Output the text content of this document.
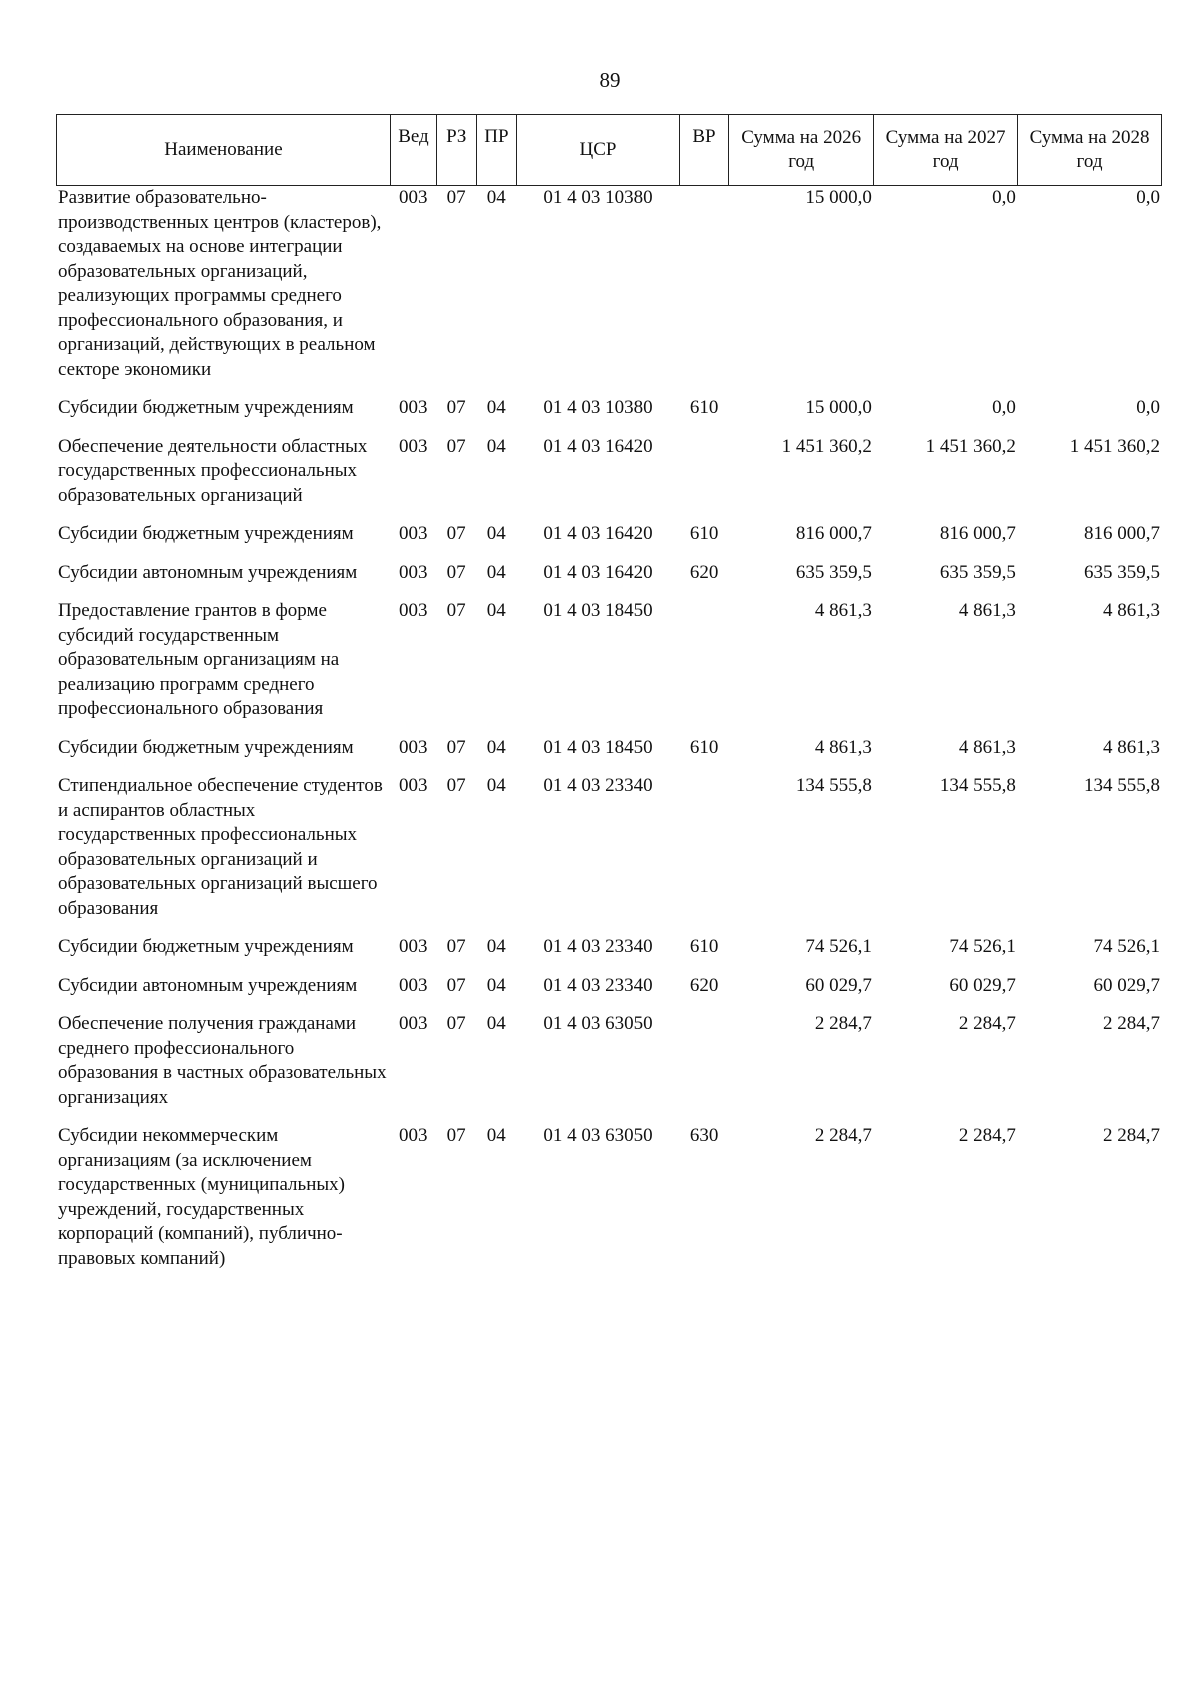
89
Наименование	Вед	РЗ	ПР	ЦСР	ВР	Сумма на 2026 год	Сумма на 2027 год	Сумма на 2028 год
Развитие образовательно-производственных центров (кластеров), создаваемых на основе интеграции образовательных организаций, реализующих программы среднего профессионального образования, и организаций, действующих в реальном секторе экономики	003	07	04	01 4 03 10380		15 000,0	0,0	0,0
Субсидии бюджетным учреждениям	003	07	04	01 4 03 10380	610	15 000,0	0,0	0,0
Обеспечение деятельности областных государственных профессиональных образовательных организаций	003	07	04	01 4 03 16420		1 451 360,2	1 451 360,2	1 451 360,2
Субсидии бюджетным учреждениям	003	07	04	01 4 03 16420	610	816 000,7	816 000,7	816 000,7
Субсидии автономным учреждениям	003	07	04	01 4 03 16420	620	635 359,5	635 359,5	635 359,5
Предоставление грантов в форме субсидий государственным образовательным организациям на реализацию программ среднего профессионального образования	003	07	04	01 4 03 18450		4 861,3	4 861,3	4 861,3
Субсидии бюджетным учреждениям	003	07	04	01 4 03 18450	610	4 861,3	4 861,3	4 861,3
Стипендиальное обеспечение студентов и аспирантов областных государственных профессиональных образовательных организаций и образовательных организаций высшего образования	003	07	04	01 4 03 23340		134 555,8	134 555,8	134 555,8
Субсидии бюджетным учреждениям	003	07	04	01 4 03 23340	610	74 526,1	74 526,1	74 526,1
Субсидии автономным учреждениям	003	07	04	01 4 03 23340	620	60 029,7	60 029,7	60 029,7
Обеспечение получения гражданами среднего профессионального образования в частных образовательных организациях	003	07	04	01 4 03 63050		2 284,7	2 284,7	2 284,7
Субсидии некоммерческим организациям (за исключением государственных (муниципальных) учреждений, государственных корпораций (компаний), публично-правовых компаний)	003	07	04	01 4 03 63050	630	2 284,7	2 284,7	2 284,7
